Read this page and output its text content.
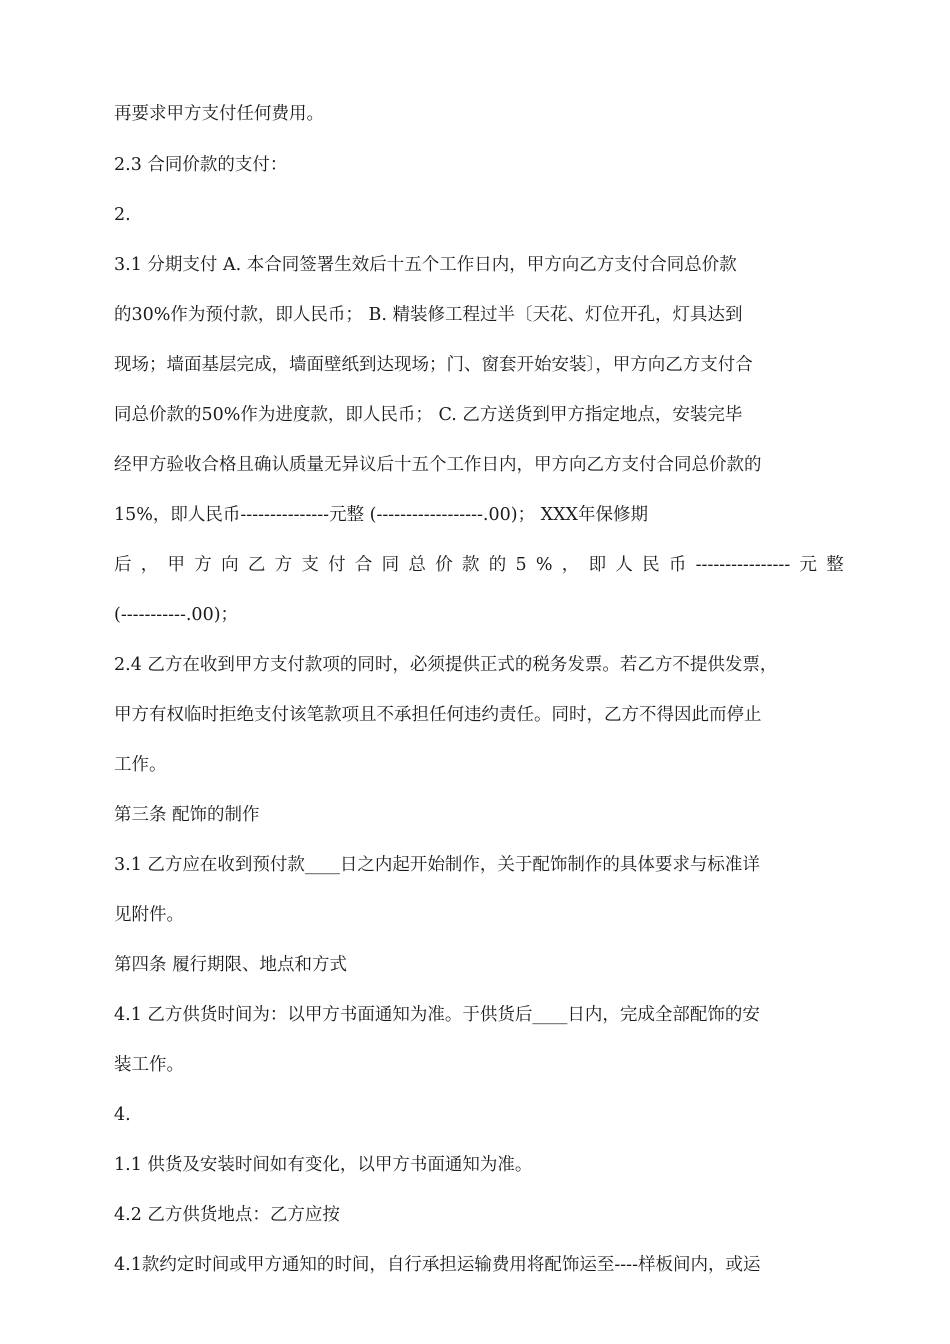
再要求甲方支付任何费用。
2.3 合同价款的支付：
2.
3.1 分期支付 A. 本合同签署生效后十五个工作日内，甲方向乙方支付合同总价款
的30%作为预付款，即人民币； B. 精装修工程过半〔天花、灯位开孔，灯具达到
现场；墙面基层完成，墙面壁纸到达现场；门、窗套开始安装〕，甲方向乙方支付合
同总价款的50%作为进度款，即人民币； C. 乙方送货到甲方指定地点，安装完毕
经甲方验收合格且确认质量无异议后十五个工作日内，甲方向乙方支付合同总价款的
15%，即人民币---------------元整 (------------------.00)； XXX年保修期
后 ， 甲 方 向 乙 方 支 付 合 同 总 价 款 的 5 % ， 即 人 民 币 ---------------- 元 整
(-----------.00)；
2.4 乙方在收到甲方支付款项的同时，必须提供正式的税务发票。若乙方不提供发票，
甲方有权临时拒绝支付该笔款项且不承担任何违约责任。同时，乙方不得因此而停止
工作。
第三条 配饰的制作
3.1 乙方应在收到预付款____日之内起开始制作，关于配饰制作的具体要求与标准详
见附件。
第四条 履行期限、地点和方式
4.1 乙方供货时间为：以甲方书面通知为准。于供货后____日内，完成全部配饰的安
装工作。
4.
1.1 供货及安装时间如有变化，以甲方书面通知为准。
4.2 乙方供货地点：乙方应按
4.1款约定时间或甲方通知的时间，自行承担运输费用将配饰运至----样板间内，或运
